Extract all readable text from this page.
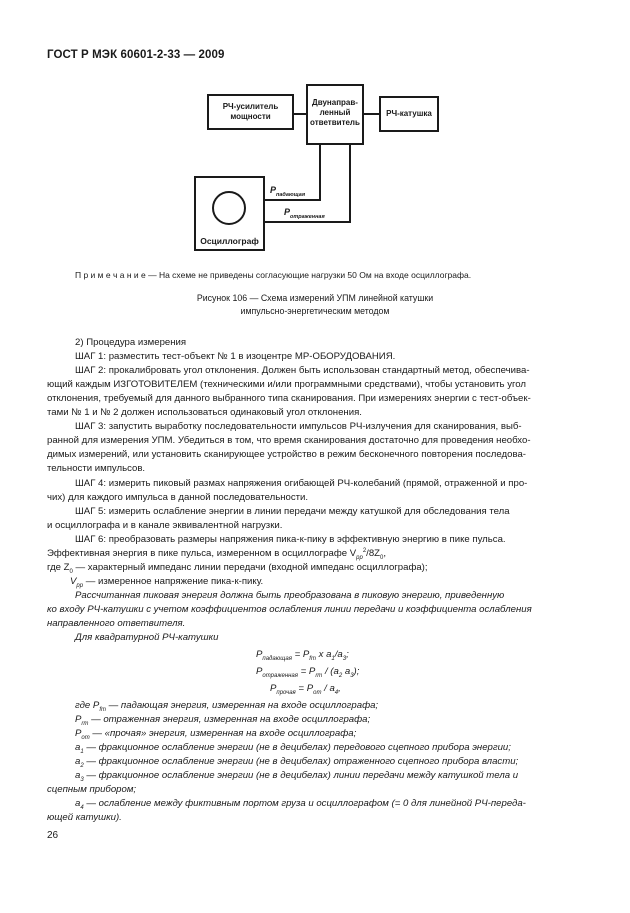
ГОСТ Р МЭК 60601-2-33 — 2009
РЧ-усилитель
мощности
Двунаправ-
ленный
ответвитель
РЧ-катушка
Осциллограф
$P_{падающая}$
$P_{отраженная}$
П р и м е ч а н и е — На схеме не приведены согласующие нагрузки 50 Ом на входе осциллографа.
Рисунок 106 — Схема измерений УПМ линейной катушки
импульсно-энергетическим методом
2) Процедура измерения
ШАГ 1: разместить тест-объект № 1 в изоцентре МР-ОБОРУДОВАНИЯ.
ШАГ 2: прокалибровать угол отклонения. Должен быть использован стандартный метод, обеспечива-
ющий каждым ИЗГОТОВИТЕЛЕМ (техническими и/или программными средствами), чтобы установить угол
отклонения, требуемый для данного выбранного типа сканирования. При измерениях энергии с тест-объек-
тами № 1 и № 2 должен использоваться одинаковый угол отклонения.
ШАГ 3: запустить выработку последовательности импульсов РЧ-излучения для сканирования, выб-
ранной для измерения УПМ. Убедиться в том, что время сканирования достаточно для проведения необхо-
димых измерений, или установить сканирующее устройство в режим бесконечного повторения последова-
тельности импульсов.
ШАГ 4: измерить пиковый размах напряжения огибающей РЧ-колебаний (прямой, отраженной и про-
чих) для каждого импульса в данной последовательности.
ШАГ 5: измерить ослабление энергии в линии передачи между катушкой для обследования тела
и осциллографа и в канале эквивалентной нагрузки.
ШАГ 6: преобразовать размеры напряжения пика-к-пику в эффективную энергию в пике пульса.
Эффективная энергия в пике пульса, измеренном в осциллографе $V_{pp}^2/8Z_0$,
где $Z_0$ — характерный импеданс линии передачи (входной импеданс осциллографа);
$V_{pp}$ — измеренное напряжение пика-к-пику.
Рассчитанная пиковая энергия должна быть преобразована в пиковую энергию, приведенную
ко входу РЧ-катушки с учетом коэффициентов ослабления линии передачи и коэффициента ослабления
направленного ответвителя.
Для квадратурной РЧ-катушки
$P_{падающая} = P_{fm}$ x $a_1/a_3$;
$P_{отраженная} = P_{rm} / (a_2$ $a_3$);
$P_{прочая} = P_{om} / a_4$,
где $P_{fm}$ — падающая энергия, измеренная на входе осциллографа;
$P_{rm}$ — отраженная энергия, измеренная на входе осциллографа;
$P_{om}$ — «прочая» энергия, измеренная на входе осциллографа;
$a_1$ — фракционное ослабление энергии (не в децибелах) передового сцепного прибора энергии;
$a_2$ — фракционное ослабление энергии (не в децибелах) отраженного сцепного прибора власти;
$a_3$ — фракционное ослабление энергии (не в децибелах) линии передачи между катушкой тела и
сцепным прибором;
$a_4$ — ослабление между фиктивным портом груза и осциллографом (= 0 для линейной РЧ-переда-
ющей катушки).
26
